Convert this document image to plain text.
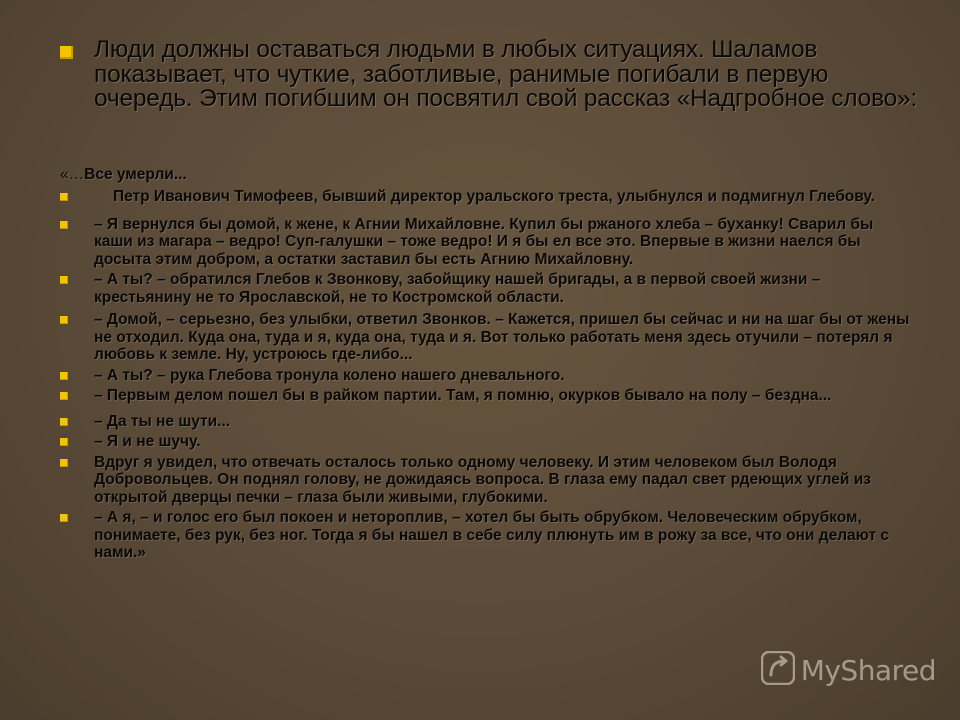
Люди должны оставаться людьми в любых ситуациях. Шаламов показывает, что чуткие, заботливые, ранимые погибали в первую очередь. Этим погибшим он посвятил свой рассказ «Надгробное слово»:
«…Все умерли...
Петр Иванович Тимофеев, бывший директор уральского треста, улыбнулся и подмигнул Глебову.
– Я вернулся бы домой, к жене, к Агнии Михайловне. Купил бы ржаного хлеба – буханку! Сварил бы каши из магара – ведро! Суп-галушки – тоже ведро! И я бы ел все это. Впервые в жизни наелся бы досыта этим добром, а остатки заставил бы есть Агнию Михайловну.
– А ты? – обратился Глебов к Звонкову, забойщику нашей бригады, а в первой своей жизни – крестьянину не то Ярославской, не то Костромской области.
– Домой, – серьезно, без улыбки, ответил Звонков. – Кажется, пришел бы сейчас и ни на шаг бы от жены не отходил. Куда она, туда и я, куда она, туда и я. Вот только работать меня здесь отучили – потерял я любовь к земле. Ну, устроюсь где-либо...
– А ты? – рука Глебова тронула колено нашего дневального.
– Первым делом пошел бы в райком партии. Там, я помню, окурков бывало на полу – бездна...
– Да ты не шути...
– Я и не шучу.
Вдруг я увидел, что отвечать осталось только одному человеку. И этим человеком был Володя Добровольцев. Он поднял голову, не дожидаясь вопроса. В глаза ему падал свет рдеющих углей из открытой дверцы печки – глаза были живыми, глубокими.
– А я, – и голос его был покоен и нетороплив, – хотел бы быть обрубком. Человеческим обрубком, понимаете, без рук, без ног. Тогда я бы нашел в себе силу плюнуть им в рожу за все, что они делают с нами.»
MyShared
